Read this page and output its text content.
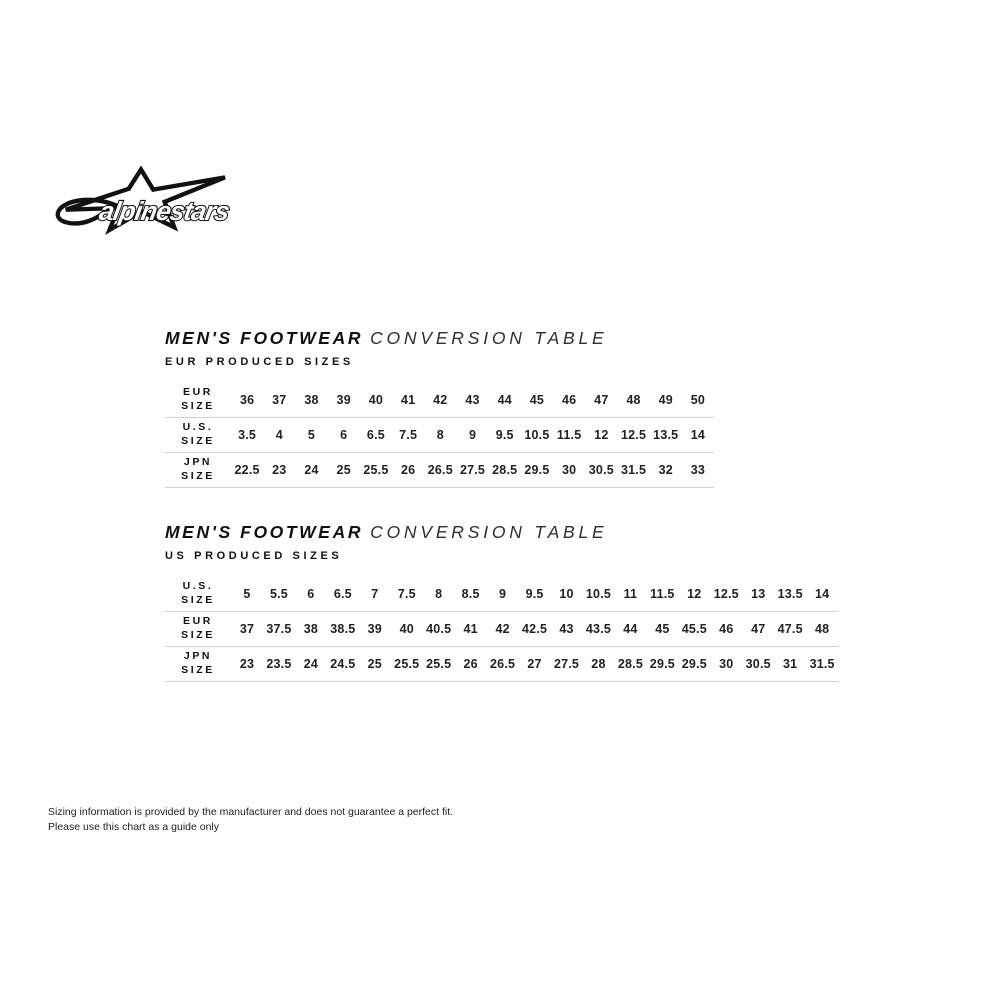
alpinestars
MEN'S FOOTWEAR CONVERSION TABLE
EUR PRODUCED SIZES
EUR
SIZE	36	37	38	39	40	41	42	43	44	45	46	47	48	49	50
U.S.
SIZE	3.5	4	5	6	6.5	7.5	8	9	9.5 10.5 11.5	12 12.5 13.5 14
JPN
SIZE	22.5 23	24	25 25.5 26 26.5 27.5 28.5 29.5 30 30.5 31.5 32	33
MEN'S FOOTWEAR CONVERSION TABLE
US PRODUCED SIZES
U.S.
SIZE	5	5.5	6	6.5	7	7.5	8	8.5	9	9.5	10 10.5	11	11.5	12 12.5 13 13.5 14
EUR
SIZE	37 37.5 38 38.5 39	40 40.5 41	42 42.5 43 43.5 44	45 45.5 46	47 47.5 48
JPN
SIZE	23 23.5 24 24.5 25 25.5 25.5 26 26.5 27 27.5 28 28.5 29.5 29.5 30 30.5 31 31.5
Sizing information is provided by the manufacturer and does not guarantee a perfect fit.
Please use this chart as a guide only
